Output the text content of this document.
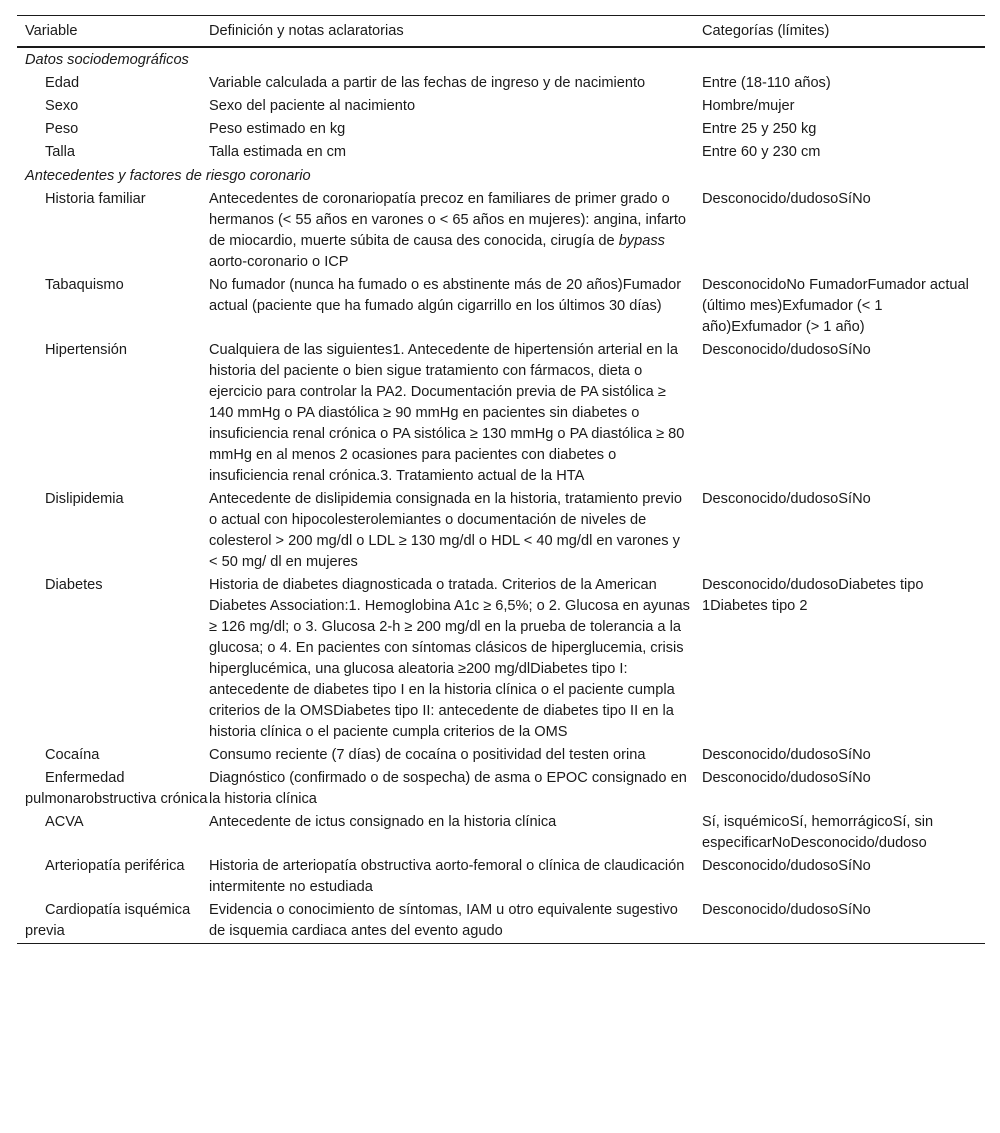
Variable	Definición y notas aclaratorias	Categorías (límites)
Datos sociodemográficos		
Edad	Variable calculada a partir de las fechas de ingreso y de nacimiento	Entre (18-110 años)
Sexo	Sexo del paciente al nacimiento	Hombre/mujer
Peso	Peso estimado en kg	Entre 25 y 250 kg
Talla	Talla estimada en cm	Entre 60 y 230 cm
Antecedentes y factores de riesgo coronario		
Historia familiar	Antecedentes de coronariopatía precoz en familiares de primer grado o hermanos (< 55 años en varones o < 65 años en mujeres): angina, infarto de miocardio, muerte súbita de causa des conocida, cirugía de bypass aorto-coronario o ICP	Desconocido/dudosoSíNo
Tabaquismo	No fumador (nunca ha fumado o es abstinente más de 20 años)Fumador actual (paciente que ha fumado algún cigarrillo en los últimos 30 días)	DesconocidoNo FumadorFumador actual (último mes)Exfumador (< 1 año)Exfumador (> 1 año)
Hipertensión	Cualquiera de las siguientes1. Antecedente de hipertensión arterial en la historia del paciente o bien sigue tratamiento con fármacos, dieta o ejercicio para controlar la PA2. Documentación previa de PA sistólica ≥ 140 mmHg o PA diastólica ≥ 90 mmHg en pacientes sin diabetes o insuficiencia renal crónica o PA sistólica ≥ 130 mmHg o PA diastólica ≥ 80 mmHg en al menos 2 ocasiones para pacientes con diabetes o insuficiencia renal crónica.3. Tratamiento actual de la HTA	Desconocido/dudosoSíNo
Dislipidemia	Antecedente de dislipidemia consignada en la historia, tratamiento previo o actual con hipocolesterolemiantes o documentación de niveles de colesterol > 200 mg/dl o LDL ≥ 130 mg/dl o HDL < 40 mg/dl en varones y < 50 mg/ dl en mujeres	Desconocido/dudosoSíNo
Diabetes	Historia de diabetes diagnosticada o tratada. Criterios de la American Diabetes Association:1. Hemoglobina A1c ≥ 6,5%; o 2. Glucosa en ayunas ≥ 126 mg/dl; o 3. Glucosa 2-h ≥ 200 mg/dl en la prueba de tolerancia a la glucosa; o 4. En pacientes con síntomas clásicos de hiperglucemia, crisis hiperglucémica, una glucosa aleatoria ≥200 mg/dlDiabetes tipo I: antecedente de diabetes tipo I en la historia clínica o el paciente cumpla criterios de la OMSDiabetes tipo II: antecedente de diabetes tipo II en la historia clínica o el paciente cumpla criterios de la OMS	Desconocido/dudosoDiabetes tipo 1Diabetes tipo 2
Cocaína	Consumo reciente (7 días) de cocaína o positividad del testen orina	Desconocido/dudosoSíNo
Enfermedad pulmonarobstructiva crónica	Diagnóstico (confirmado o de sospecha) de asma o EPOC consignado en la historia clínica	Desconocido/dudosoSíNo
ACVA	Antecedente de ictus consignado en la historia clínica	Sí, isquémicoSí, hemorrágicoSí, sin especificarNoDesconocido/dudoso
Arteriopatía periférica	Historia de arteriopatía obstructiva aorto-femoral o clínica de claudicación intermitente no estudiada	Desconocido/dudosoSíNo
Cardiopatía isquémica previa	Evidencia o conocimiento de síntomas, IAM u otro equivalente sugestivo de isquemia cardiaca antes del evento agudo	Desconocido/dudosoSíNo
